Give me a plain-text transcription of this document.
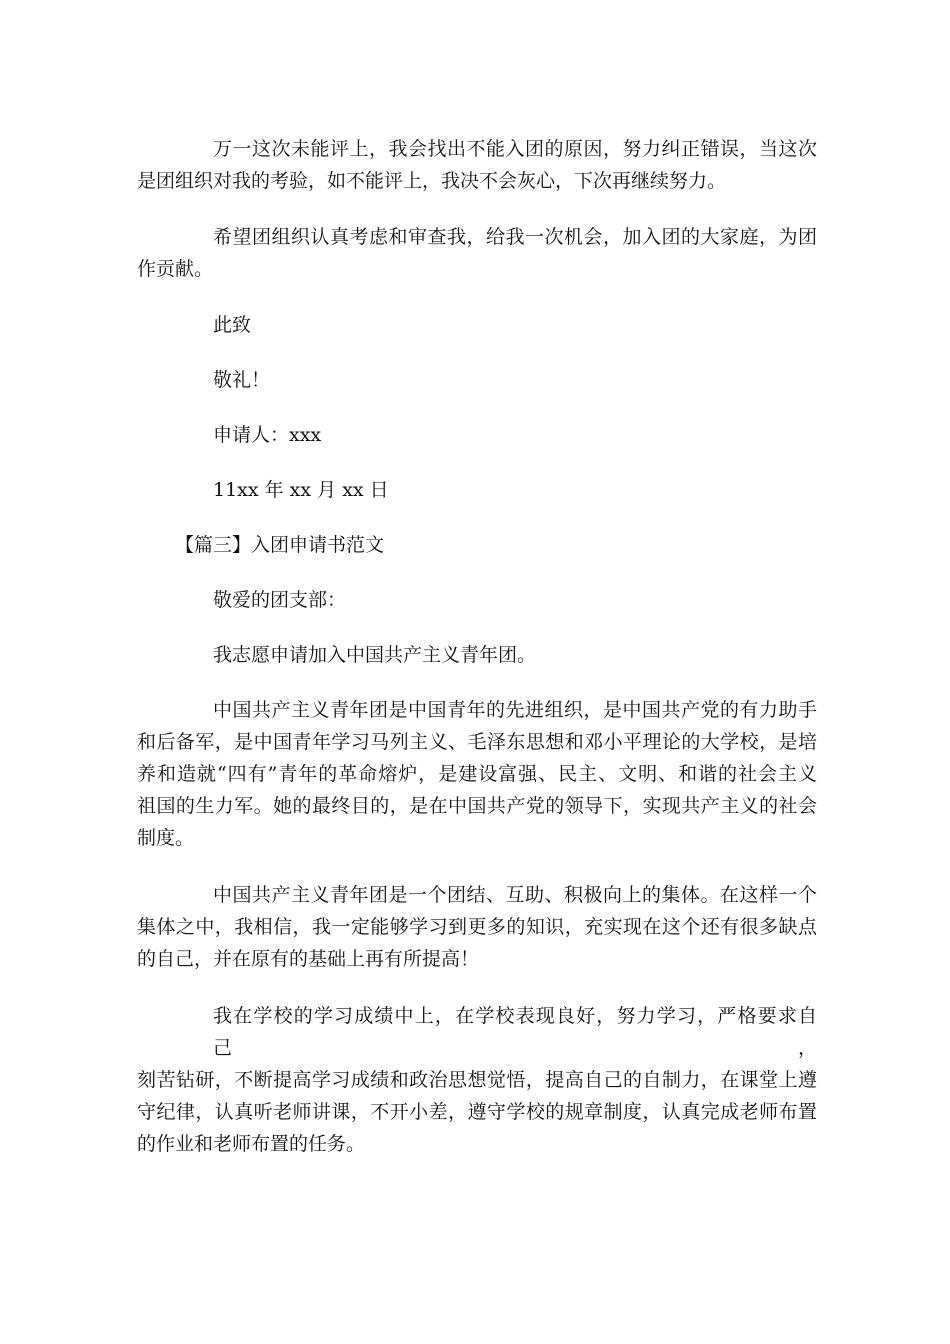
万一这次未能评上，我会找出不能入团的原因，努力纠正错误，当这次
是团组织对我的考验，如不能评上，我决不会灰心，下次再继续努力。
希望团组织认真考虑和审查我，给我一次机会，加入团的大家庭，为团
作贡献。

此致

敬礼！

申请人：xxx

11xx 年 xx 月 xx 日

【篇三】入团申请书范文

敬爱的团支部：

我志愿申请加入中国共产主义青年团。

中国共产主义青年团是中国青年的先进组织，是中国共产党的有力助手
和后备军，是中国青年学习马列主义、毛泽东思想和邓小平理论的大学校，是培
养和造就“四有”青年的革命熔炉，是建设富强、民主、文明、和谐的社会主义
祖国的生力军。她的最终目的，是在中国共产党的领导下，实现共产主义的社会
制度。
中国共产主义青年团是一个团结、互助、积极向上的集体。在这样一个
集体之中，我相信，我一定能够学习到更多的知识，充实现在这个还有很多缺点
的自己，并在原有的基础上再有所提高！
我在学校的学习成绩中上，在学校表现良好，努力学习，严格要求自己，
刻苦钻研，不断提高学习成绩和政治思想觉悟，提高自己的自制力，在课堂上遵
守纪律，认真听老师讲课，不开小差，遵守学校的规章制度，认真完成老师布置
的作业和老师布置的任务。
